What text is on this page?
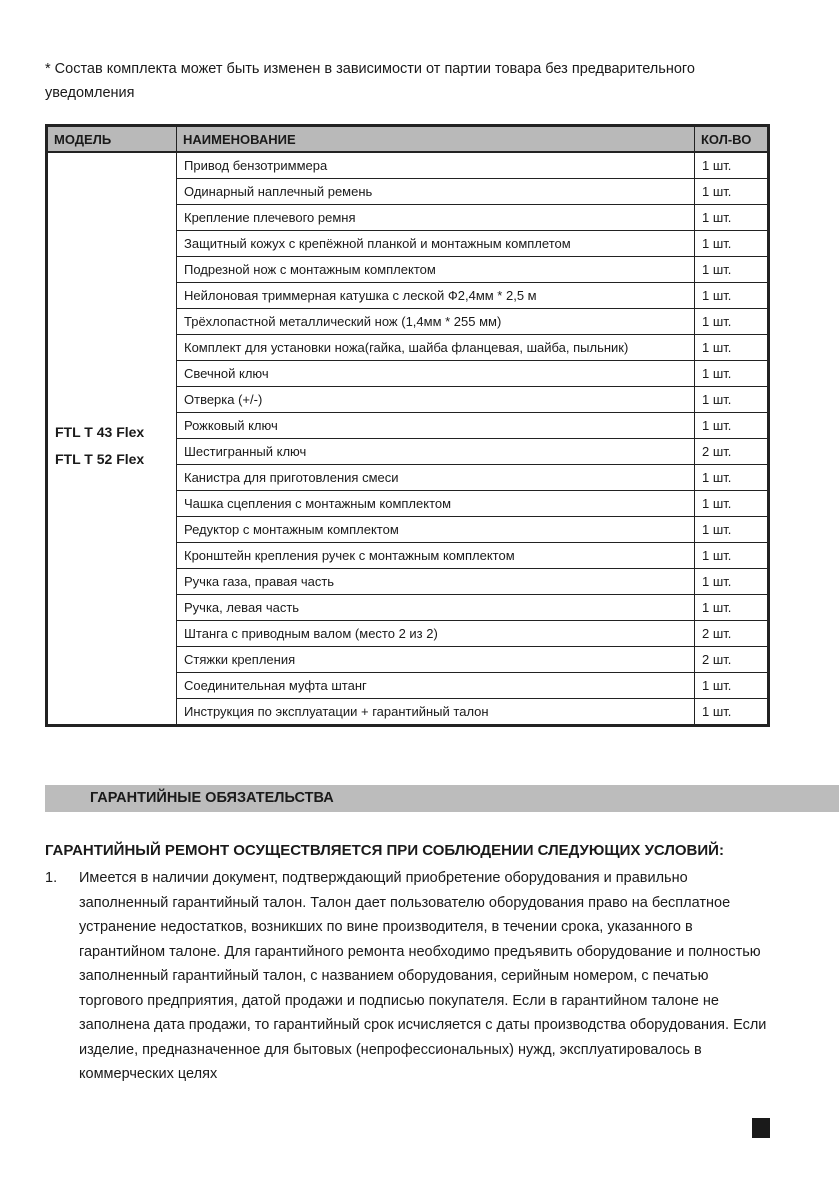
* Состав комплекта может быть изменен в зависимости от партии товара без предварительного уведомления
МОДЕЛЬ	НАИМЕНОВАНИЕ	КОЛ-ВО

FTL T 43 Flex
FTL T 52 Flex	Привод бензотриммера	1 шт.
	Одинарный наплечный ремень	1 шт.
	Крепление плечевого ремня	1 шт.
	Защитный кожух с крепёжной планкой и монтажным комплетом	1 шт.
	Подрезной нож с монтажным комплектом	1 шт.
	Нейлоновая триммерная катушка с леской Ф2,4мм * 2,5 м	1 шт.
	Трёхлопастной металлический нож (1,4мм * 255 мм)	1 шт.
	Комплект для установки ножа(гайка, шайба фланцевая, шайба, пыльник)	1 шт.
	Свечной ключ	1 шт.
	Отверка (+/-)	1 шт.
	Рожковый ключ	1 шт.
	Шестигранный ключ	2 шт.
	Канистра для приготовления смеси	1 шт.
	Чашка сцепления с монтажным комплектом	1 шт.
	Редуктор с монтажным комплектом	1 шт.
	Кронштейн крепления ручек с монтажным комплектом	1 шт.
	Ручка газа, правая часть	1 шт.
	Ручка, левая часть	1 шт.
	Штанга с приводным валом (место 2 из 2)	2 шт.
	Стяжки крепления	2 шт.
	Соединительная муфта штанг	1 шт.
	Инструкция по эксплуатации + гарантийный талон	1 шт.
ГАРАНТИЙНЫЕ ОБЯЗАТЕЛЬСТВА
ГАРАНТИЙНЫЙ РЕМОНТ ОСУЩЕСТВЛЯЕТСЯ ПРИ СОБЛЮДЕНИИ СЛЕДУЮЩИХ УСЛОВИЙ:
1. Имеется в наличии документ, подтверждающий приобретение оборудования и правильно заполненный гарантийный талон. Талон дает пользователю оборудования право на бесплатное устранение недостатков, возникших по вине производителя, в течении срока, указанного в гарантийном талоне. Для гарантийного ремонта необходимо предъявить оборудование и полностью заполненный гарантийный талон, с названием оборудования, серийным номером, с печатью торгового предприятия, датой продажи и подписью покупателя. Если в гарантийном талоне не заполнена дата продажи, то гарантийный срок исчисляется с даты производства оборудования. Если изделие, предназначенное для бытовых (непрофессиональных) нужд, эксплуатировалось в коммерческих целях
